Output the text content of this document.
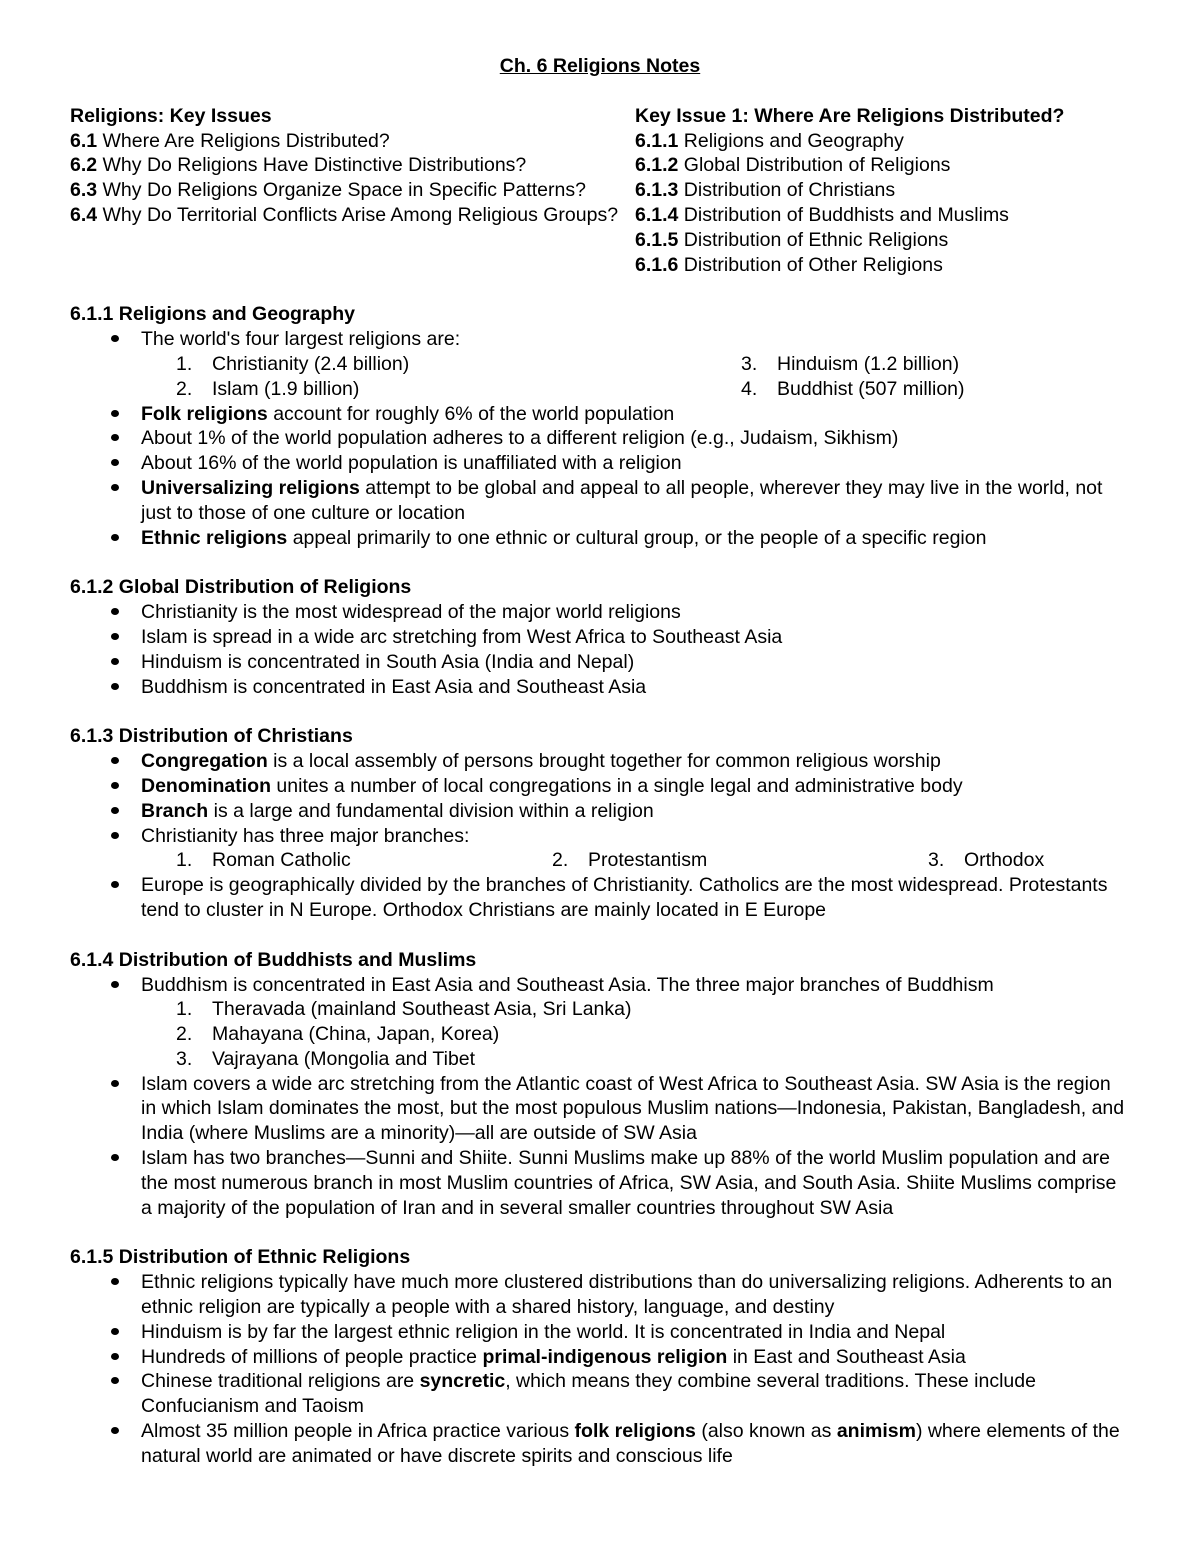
Ch. 6 Religions Notes
Religions: Key Issues
6.1 Where Are Religions Distributed?
6.2 Why Do Religions Have Distinctive Distributions?
6.3 Why Do Religions Organize Space in Specific Patterns?
6.4 Why Do Territorial Conflicts Arise Among Religious Groups?
Key Issue 1: Where Are Religions Distributed?
6.1.1 Religions and Geography
6.1.2 Global Distribution of Religions
6.1.3 Distribution of Christians
6.1.4 Distribution of Buddhists and Muslims
6.1.5 Distribution of Ethnic Religions
6.1.6 Distribution of Other Religions
6.1.1 Religions and Geography
The world's four largest religions are:
1.	Christianity (2.4 billion)	3.	Hinduism (1.2 billion)
2.	Islam (1.9 billion)	4.	Buddhist (507 million)
Folk religions account for roughly 6% of the world population
About 1% of the world population adheres to a different religion (e.g., Judaism, Sikhism)
About 16% of the world population is unaffiliated with a religion
Universalizing religions attempt to be global and appeal to all people, wherever they may live in the world, not just to those of one culture or location
Ethnic religions appeal primarily to one ethnic or cultural group, or the people of a specific region
6.1.2 Global Distribution of Religions
Christianity is the most widespread of the major world religions
Islam is spread in a wide arc stretching from West Africa to Southeast Asia
Hinduism is concentrated in South Asia (India and Nepal)
Buddhism is concentrated in East Asia and Southeast Asia
6.1.3 Distribution of Christians
Congregation is a local assembly of persons brought together for common religious worship
Denomination unites a number of local congregations in a single legal and administrative body
Branch is a large and fundamental division within a religion
Christianity has three major branches:
1.	Roman Catholic	2.	Protestantism	3.	Orthodox
Europe is geographically divided by the branches of Christianity. Catholics are the most widespread. Protestants tend to cluster in N Europe. Orthodox Christians are mainly located in E Europe
6.1.4 Distribution of Buddhists and Muslims
Buddhism is concentrated in East Asia and Southeast Asia. The three major branches of Buddhism
1.	Theravada (mainland Southeast Asia, Sri Lanka)
2.	Mahayana (China, Japan, Korea)
3.	Vajrayana (Mongolia and Tibet
Islam covers a wide arc stretching from the Atlantic coast of West Africa to Southeast Asia. SW Asia is the region in which Islam dominates the most, but the most populous Muslim nations—Indonesia, Pakistan, Bangladesh, and India (where Muslims are a minority)—all are outside of SW Asia
Islam has two branches—Sunni and Shiite. Sunni Muslims make up 88% of the world Muslim population and are the most numerous branch in most Muslim countries of Africa, SW Asia, and South Asia. Shiite Muslims comprise a majority of the population of Iran and in several smaller countries throughout SW Asia
6.1.5 Distribution of Ethnic Religions
Ethnic religions typically have much more clustered distributions than do universalizing religions. Adherents to an ethnic religion are typically a people with a shared history, language, and destiny
Hinduism is by far the largest ethnic religion in the world. It is concentrated in India and Nepal
Hundreds of millions of people practice primal-indigenous religion in East and Southeast Asia
Chinese traditional religions are syncretic, which means they combine several traditions. These include Confucianism and Taoism
Almost 35 million people in Africa practice various folk religions (also known as animism) where elements of the natural world are animated or have discrete spirits and conscious life
